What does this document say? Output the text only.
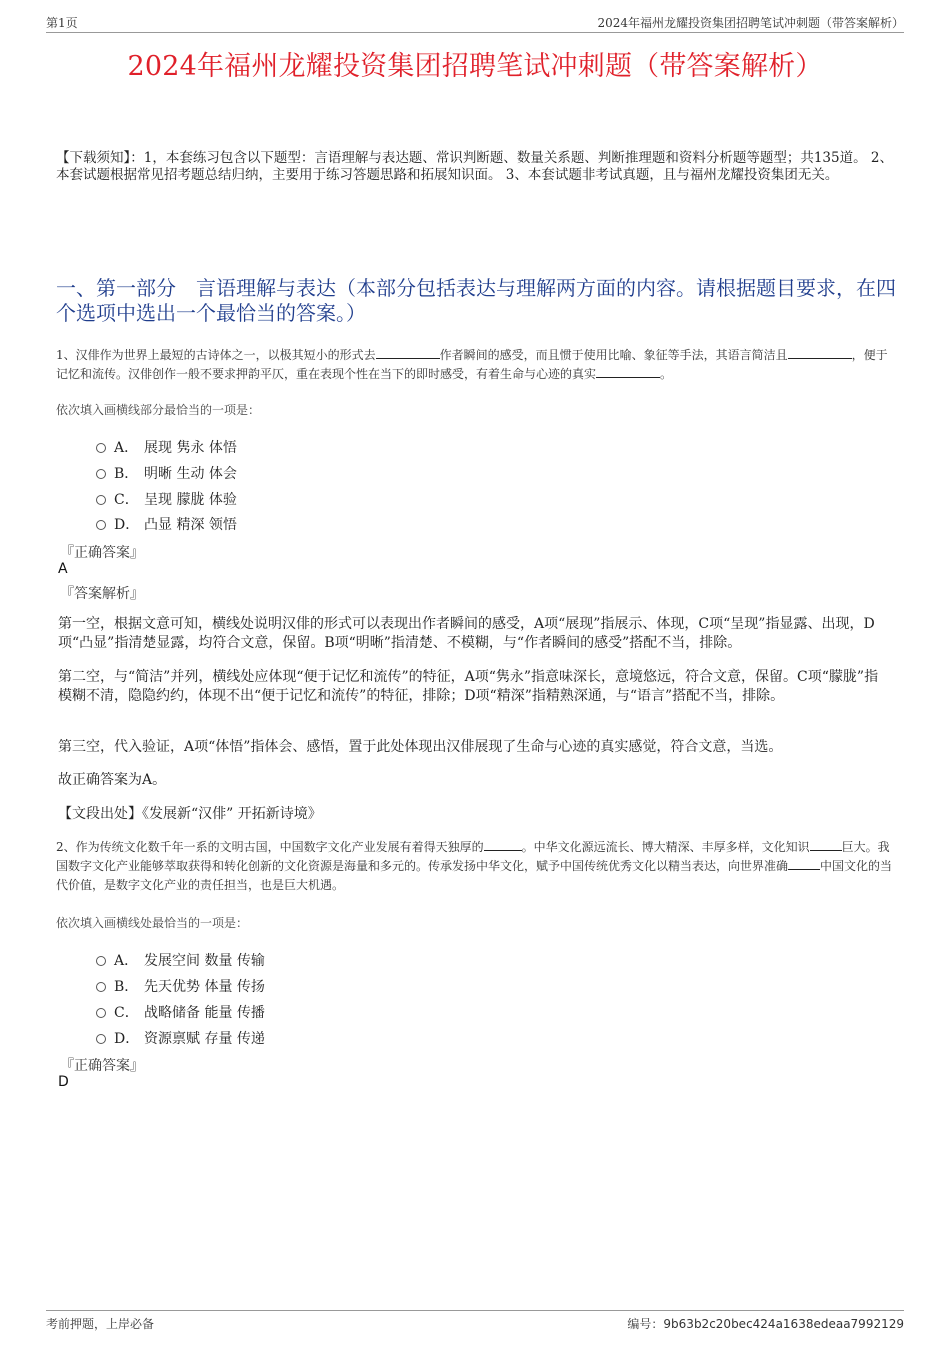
第1页	2024年福州龙耀投资集团招聘笔试冲刺题（带答案解析）
2024年福州龙耀投资集团招聘笔试冲刺题（带答案解析）
【下载须知】：1，本套练习包含以下题型：言语理解与表达题、常识判断题、数量关系题、判断推理题和资料分析题等题型；共135道。 2、本套试题根据常见招考题总结归纳，主要用于练习答题思路和拓展知识面。 3、本套试题非考试真题，且与福州龙耀投资集团无关。
一、第一部分　言语理解与表达（本部分包括表达与理解两方面的内容。请根据题目要求，在四个选项中选出一个最恰当的答案。）
1、汉俳作为世界上最短的古诗体之一，以极其短小的形式去	作者瞬间的感受，而且惯于使用比喻、象征等手法，其语言简洁且	，便于记忆和流传。汉俳创作一般不要求押韵平仄，重在表现个性在当下的即时感受，有着生命与心迹的真实	。
依次填入画横线部分最恰当的一项是：
A． 展现 隽永 体悟
B． 明晰 生动 体会
C． 呈现 朦胧 体验
D． 凸显 精深 领悟
『正确答案』
A
『答案解析』
第一空，根据文意可知，横线处说明汉俳的形式可以表现出作者瞬间的感受，A项“展现”指展示、体现，C项“呈现”指显露、出现，D项“凸显”指清楚显露，均符合文意，保留。B项“明晰”指清楚、不模糊，与“作者瞬间的感受”搭配不当，排除。
第二空，与“简洁”并列，横线处应体现“便于记忆和流传”的特征，A项“隽永”指意味深长，意境悠远，符合文意，保留。C项“朦胧”指模糊不清，隐隐约约，体现不出“便于记忆和流传”的特征，排除；D项“精深”指精熟深通，与“语言”搭配不当，排除。
第三空，代入验证，A项“体悟”指体会、感悟，置于此处体现出汉俳展现了生命与心迹的真实感觉，符合文意，当选。
故正确答案为A。
【文段出处】《发展新“汉俳” 开拓新诗境》
2、作为传统文化数千年一系的文明古国，中国数字文化产业发展有着得天独厚的	。中华文化源远流长、博大精深、丰厚多样，文化知识	巨大。我国数字文化产业能够萃取获得和转化创新的文化资源是海量和多元的。传承发扬中华文化，赋予中国传统优秀文化以精当表达，向世界准确	中国文化的当代价值，是数字文化产业的责任担当，也是巨大机遇。
依次填入画横线处最恰当的一项是：
A． 发展空间 数量 传输
B． 先天优势 体量 传扬
C． 战略储备 能量 传播
D． 资源禀赋 存量 传递
『正确答案』
D
考前押题，上岸必备	编号：9b63b2c20bec424a1638edeaa7992129
